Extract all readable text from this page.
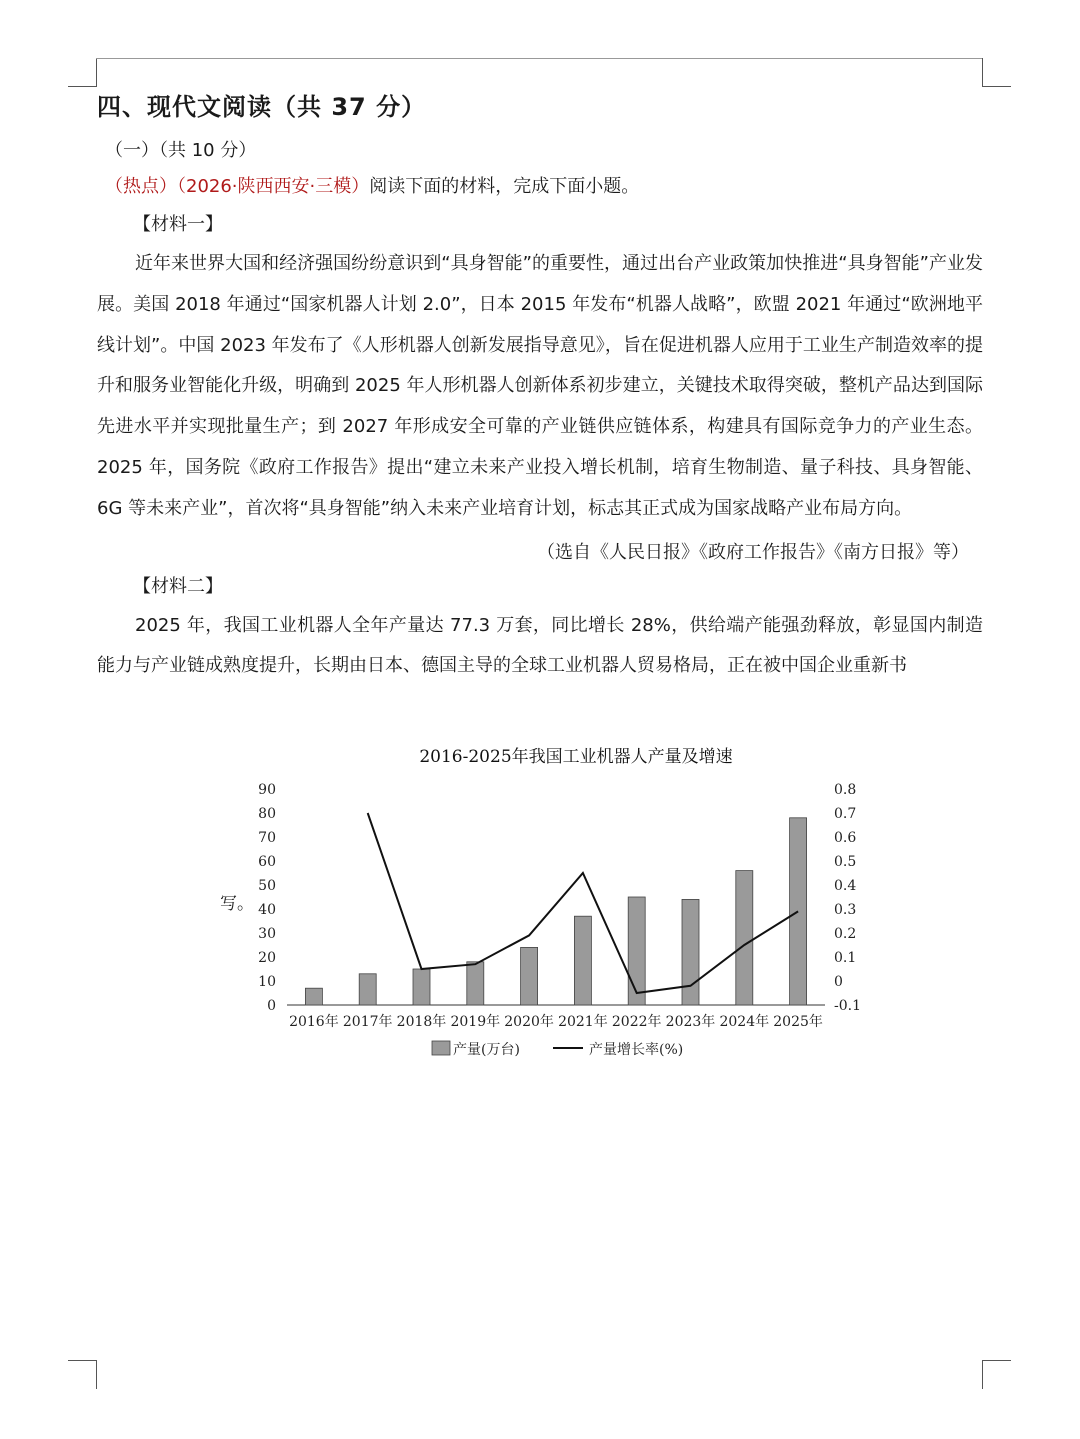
四、现代文阅读（共 37 分）
（一）（共 10 分）
（热点）（2026·陕西西安·三模）阅读下面的材料，完成下面小题。
【材料一】

近年来世界大国和经济强国纷纷意识到“具身智能”的重要性，通过出台产业政策加快推进“具身智能”产业发展。美国 2018 年通过“国家机器人计划 2.0”，日本 2015 年发布“机器人战略”，欧盟 2021 年通过“欧洲地平线计划”。中国 2023 年发布了《人形机器人创新发展指导意见》，旨在促进机器人应用于工业生产制造效率的提升和服务业智能化升级，明确到 2025 年人形机器人创新体系初步建立，关键技术取得突破，整机产品达到国际先进水平并实现批量生产；到 2027 年形成安全可靠的产业链供应链体系，构建具有国际竞争力的产业生态。2025 年，国务院《政府工作报告》提出“建立未来产业投入增长机制，培育生物制造、量子科技、具身智能、6G 等未来产业”，首次将“具身智能”纳入未来产业培育计划，标志其正式成为国家战略产业布局方向。

（选自《人民日报》《政府工作报告》《南方日报》等）
【材料二】

2025 年，我国工业机器人全年产量达 77.3 万套，同比增长 28%，供给端产能强劲释放，彰显国内制造能力与产业链成熟度提升，长期由日本、德国主导的全球工业机器人贸易格局，正在被中国企业重新书

2016-2025年我国工业机器人产量及增速
写。
0
10
20
30
40
50
60
70
80
90
-0.1
0
0.1
0.2
0.3
0.4
0.5
0.6
0.7
0.8
2016年 2017年 2018年 2019年 2020年 2021年 2022年 2023年 2024年 2025年
产量(万台)	产量增长率(%)
